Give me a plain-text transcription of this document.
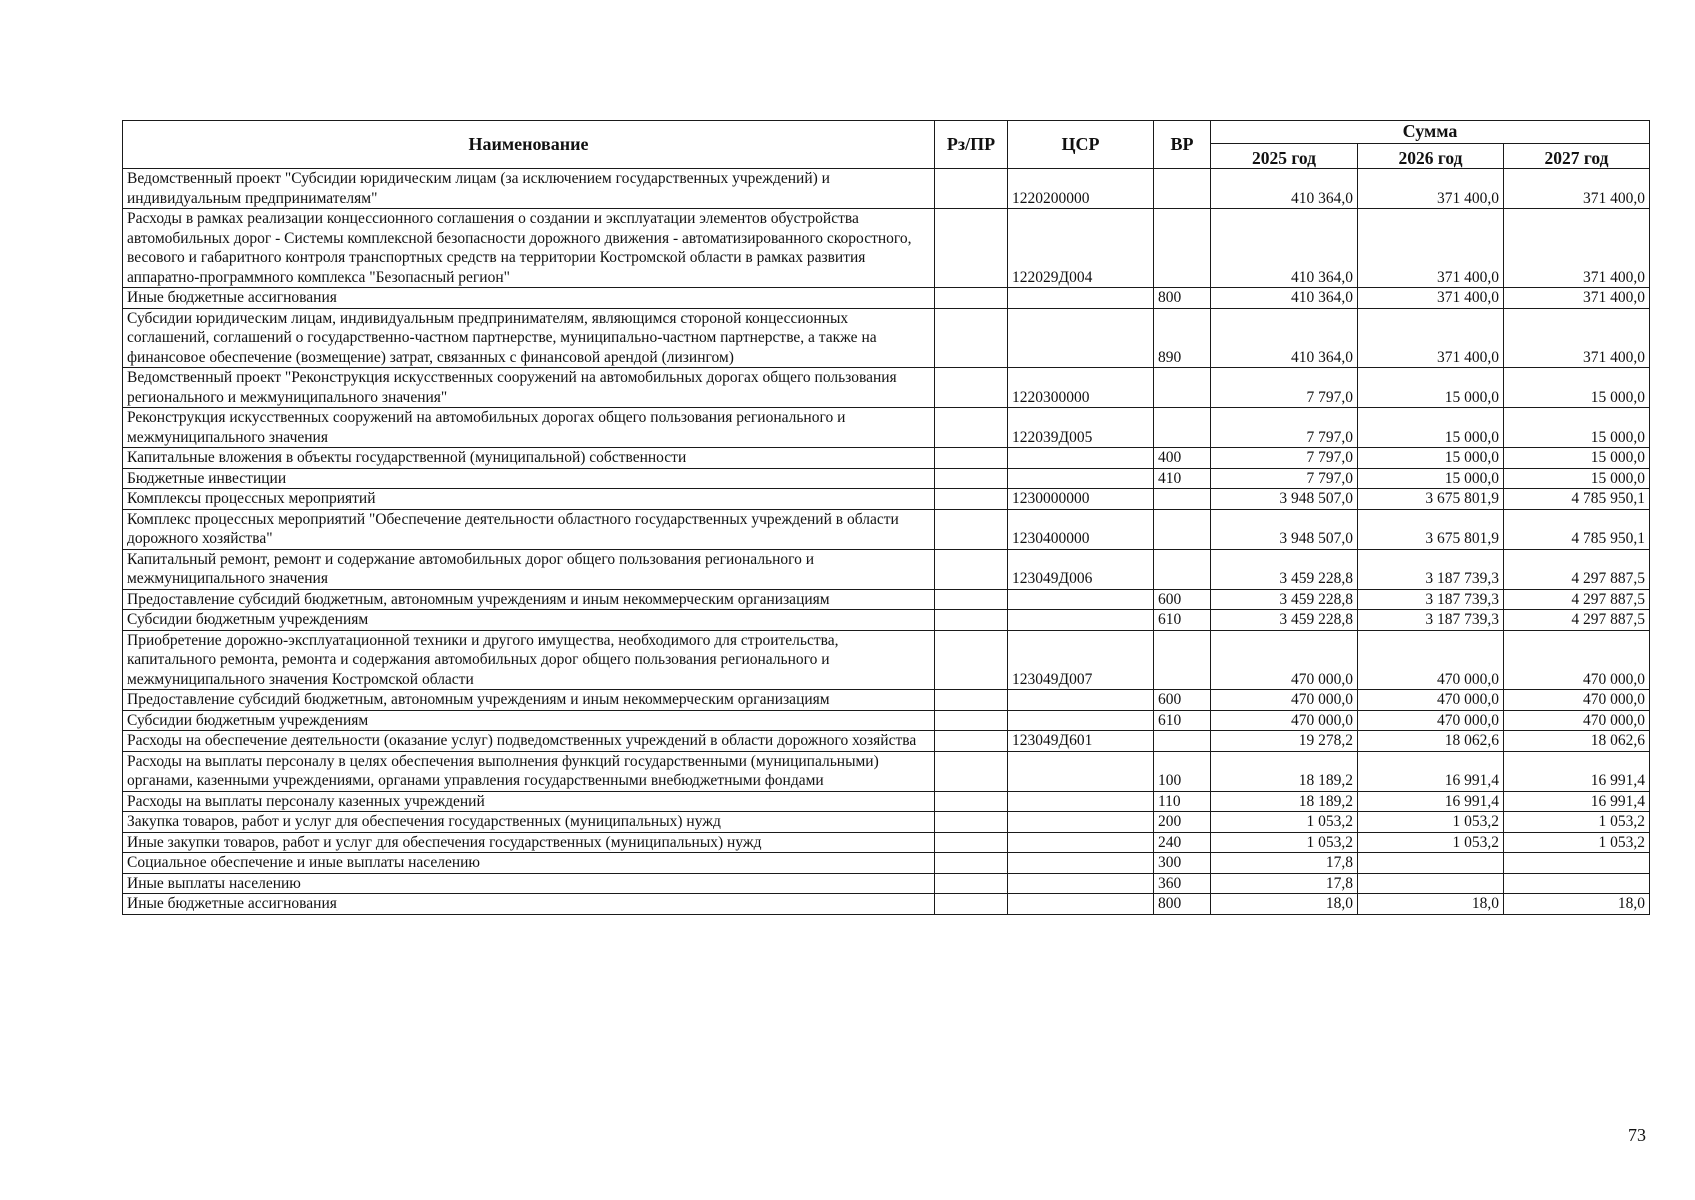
Наименование	Рз/ПР	ЦСР	ВР	Сумма		
				2025 год	2026 год	2027 год
Ведомственный проект "Субсидии юридическим лицам (за исключением государственных учреждений) и индивидуальным предпринимателям"		1220200000		410 364,0	371 400,0	371 400,0
Расходы в рамках реализации концессионного соглашения о создании и эксплуатации элементов обустройства автомобильных дорог - Системы комплексной безопасности дорожного движения - автоматизированного скоростного, весового и габаритного контроля транспортных средств на территории Костромской области в рамках развития аппаратно-программного комплекса "Безопасный регион"		122029Д004		410 364,0	371 400,0	371 400,0
Иные бюджетные ассигнования			800	410 364,0	371 400,0	371 400,0
Субсидии юридическим лицам, индивидуальным предпринимателям, являющимся стороной концессионных соглашений, соглашений о государственно-частном партнерстве, муниципально-частном партнерстве, а также на финансовое обеспечение (возмещение) затрат, связанных с финансовой арендой (лизингом)			890	410 364,0	371 400,0	371 400,0
Ведомственный проект "Реконструкция искусственных сооружений на автомобильных дорогах общего пользования регионального и межмуниципального значения"		1220300000		7 797,0	15 000,0	15 000,0
Реконструкция искусственных сооружений на автомобильных дорогах общего пользования регионального и межмуниципального значения		122039Д005		7 797,0	15 000,0	15 000,0
Капитальные вложения в объекты государственной (муниципальной) собственности			400	7 797,0	15 000,0	15 000,0
Бюджетные инвестиции			410	7 797,0	15 000,0	15 000,0
Комплексы процессных мероприятий		1230000000		3 948 507,0	3 675 801,9	4 785 950,1
Комплекс процессных мероприятий "Обеспечение деятельности областного государственных учреждений в области дорожного хозяйства"		1230400000		3 948 507,0	3 675 801,9	4 785 950,1
Капитальный ремонт, ремонт и содержание автомобильных дорог общего пользования регионального и межмуниципального значения		123049Д006		3 459 228,8	3 187 739,3	4 297 887,5
Предоставление субсидий бюджетным, автономным учреждениям и иным некоммерческим организациям			600	3 459 228,8	3 187 739,3	4 297 887,5
Субсидии бюджетным учреждениям			610	3 459 228,8	3 187 739,3	4 297 887,5
Приобретение дорожно-эксплуатационной техники и другого имущества, необходимого для строительства, капитального ремонта, ремонта и содержания автомобильных дорог общего пользования регионального и межмуниципального значения Костромской области		123049Д007		470 000,0	470 000,0	470 000,0
Предоставление субсидий бюджетным, автономным учреждениям и иным некоммерческим организациям			600	470 000,0	470 000,0	470 000,0
Субсидии бюджетным учреждениям			610	470 000,0	470 000,0	470 000,0
Расходы на обеспечение деятельности (оказание услуг) подведомственных учреждений в области дорожного хозяйства		123049Д601		19 278,2	18 062,6	18 062,6
Расходы на выплаты персоналу в целях обеспечения выполнения функций государственными (муниципальными) органами, казенными учреждениями, органами управления государственными внебюджетными фондами			100	18 189,2	16 991,4	16 991,4
Расходы на выплаты персоналу казенных учреждений			110	18 189,2	16 991,4	16 991,4
Закупка товаров, работ и услуг для обеспечения государственных (муниципальных) нужд			200	1 053,2	1 053,2	1 053,2
Иные закупки товаров, работ и услуг для обеспечения государственных (муниципальных) нужд			240	1 053,2	1 053,2	1 053,2
Социальное обеспечение и иные выплаты населению			300	17,8		
Иные выплаты населению			360	17,8		
Иные бюджетные ассигнования			800	18,0	18,0	18,0
73
